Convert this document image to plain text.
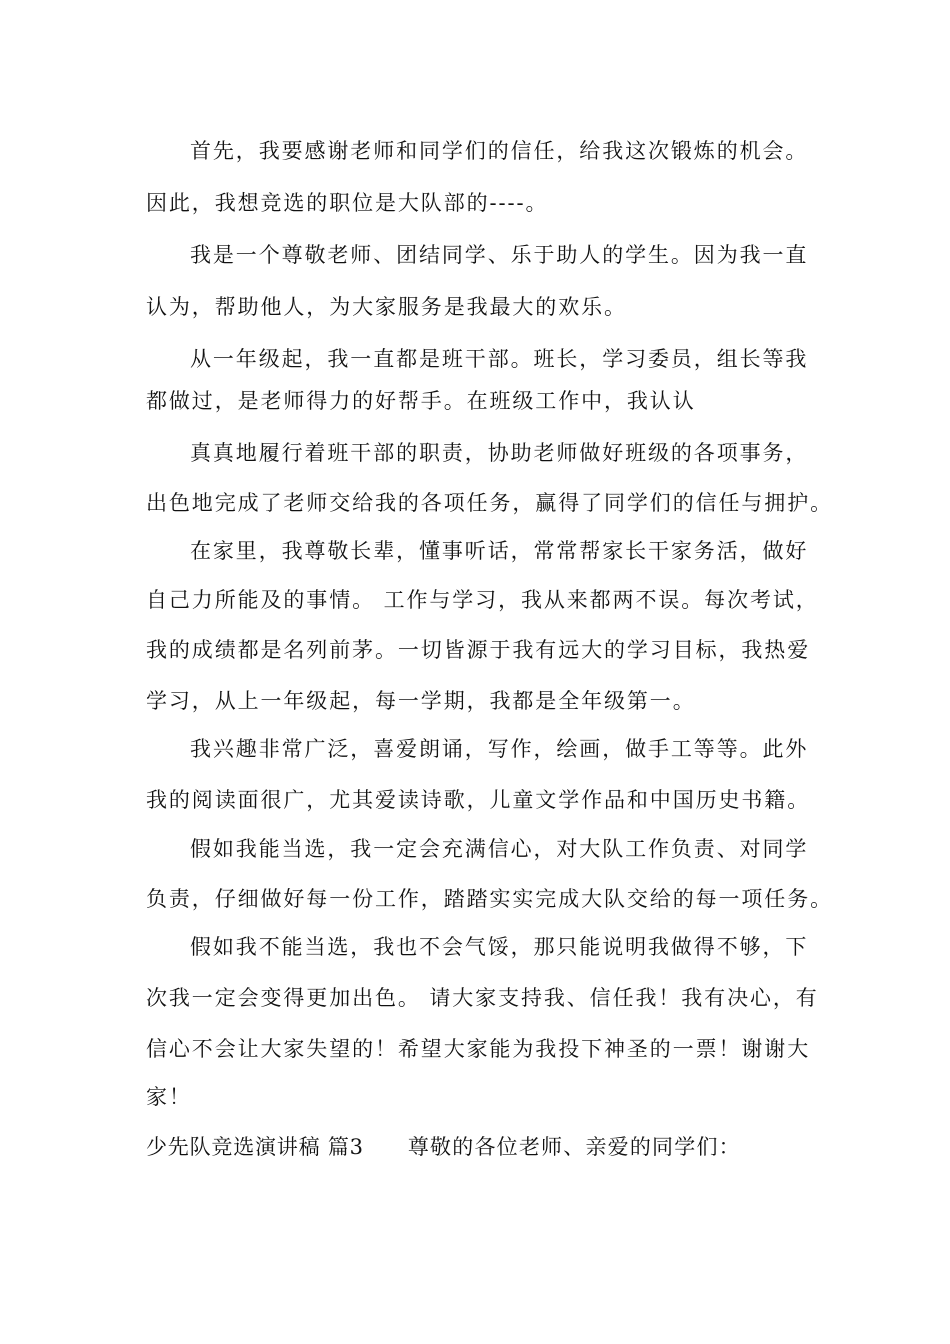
首先，我要感谢老师和同学们的信任，给我这次锻炼的机会。
因此，我想竞选的职位是大队部的----。
我是一个尊敬老师、团结同学、乐于助人的学生。因为我一直
认为，帮助他人，为大家服务是我最大的欢乐。
从一年级起，我一直都是班干部。班长，学习委员，组长等我
都做过，是老师得力的好帮手。在班级工作中，我认认
真真地履行着班干部的职责，协助老师做好班级的各项事务，
出色地完成了老师交给我的各项任务，赢得了同学们的信任与拥护。
在家里，我尊敬长辈，懂事听话，常常帮家长干家务活，做好
自己力所能及的事情。 工作与学习，我从来都两不误。每次考试，
我的成绩都是名列前茅。一切皆源于我有远大的学习目标，我热爱
学习，从上一年级起，每一学期，我都是全年级第一。
我兴趣非常广泛，喜爱朗诵，写作，绘画，做手工等等。此外
我的阅读面很广，尤其爱读诗歌，儿童文学作品和中国历史书籍。
假如我能当选，我一定会充满信心，对大队工作负责、对同学
负责，仔细做好每一份工作，踏踏实实完成大队交给的每一项任务。
假如我不能当选，我也不会气馁，那只能说明我做得不够，下
次我一定会变得更加出色。 请大家支持我、信任我！我有决心，有
信心不会让大家失望的！希望大家能为我投下神圣的一票！谢谢大
家！
少先队竞选演讲稿 篇3 尊敬的各位老师、亲爱的同学们：
